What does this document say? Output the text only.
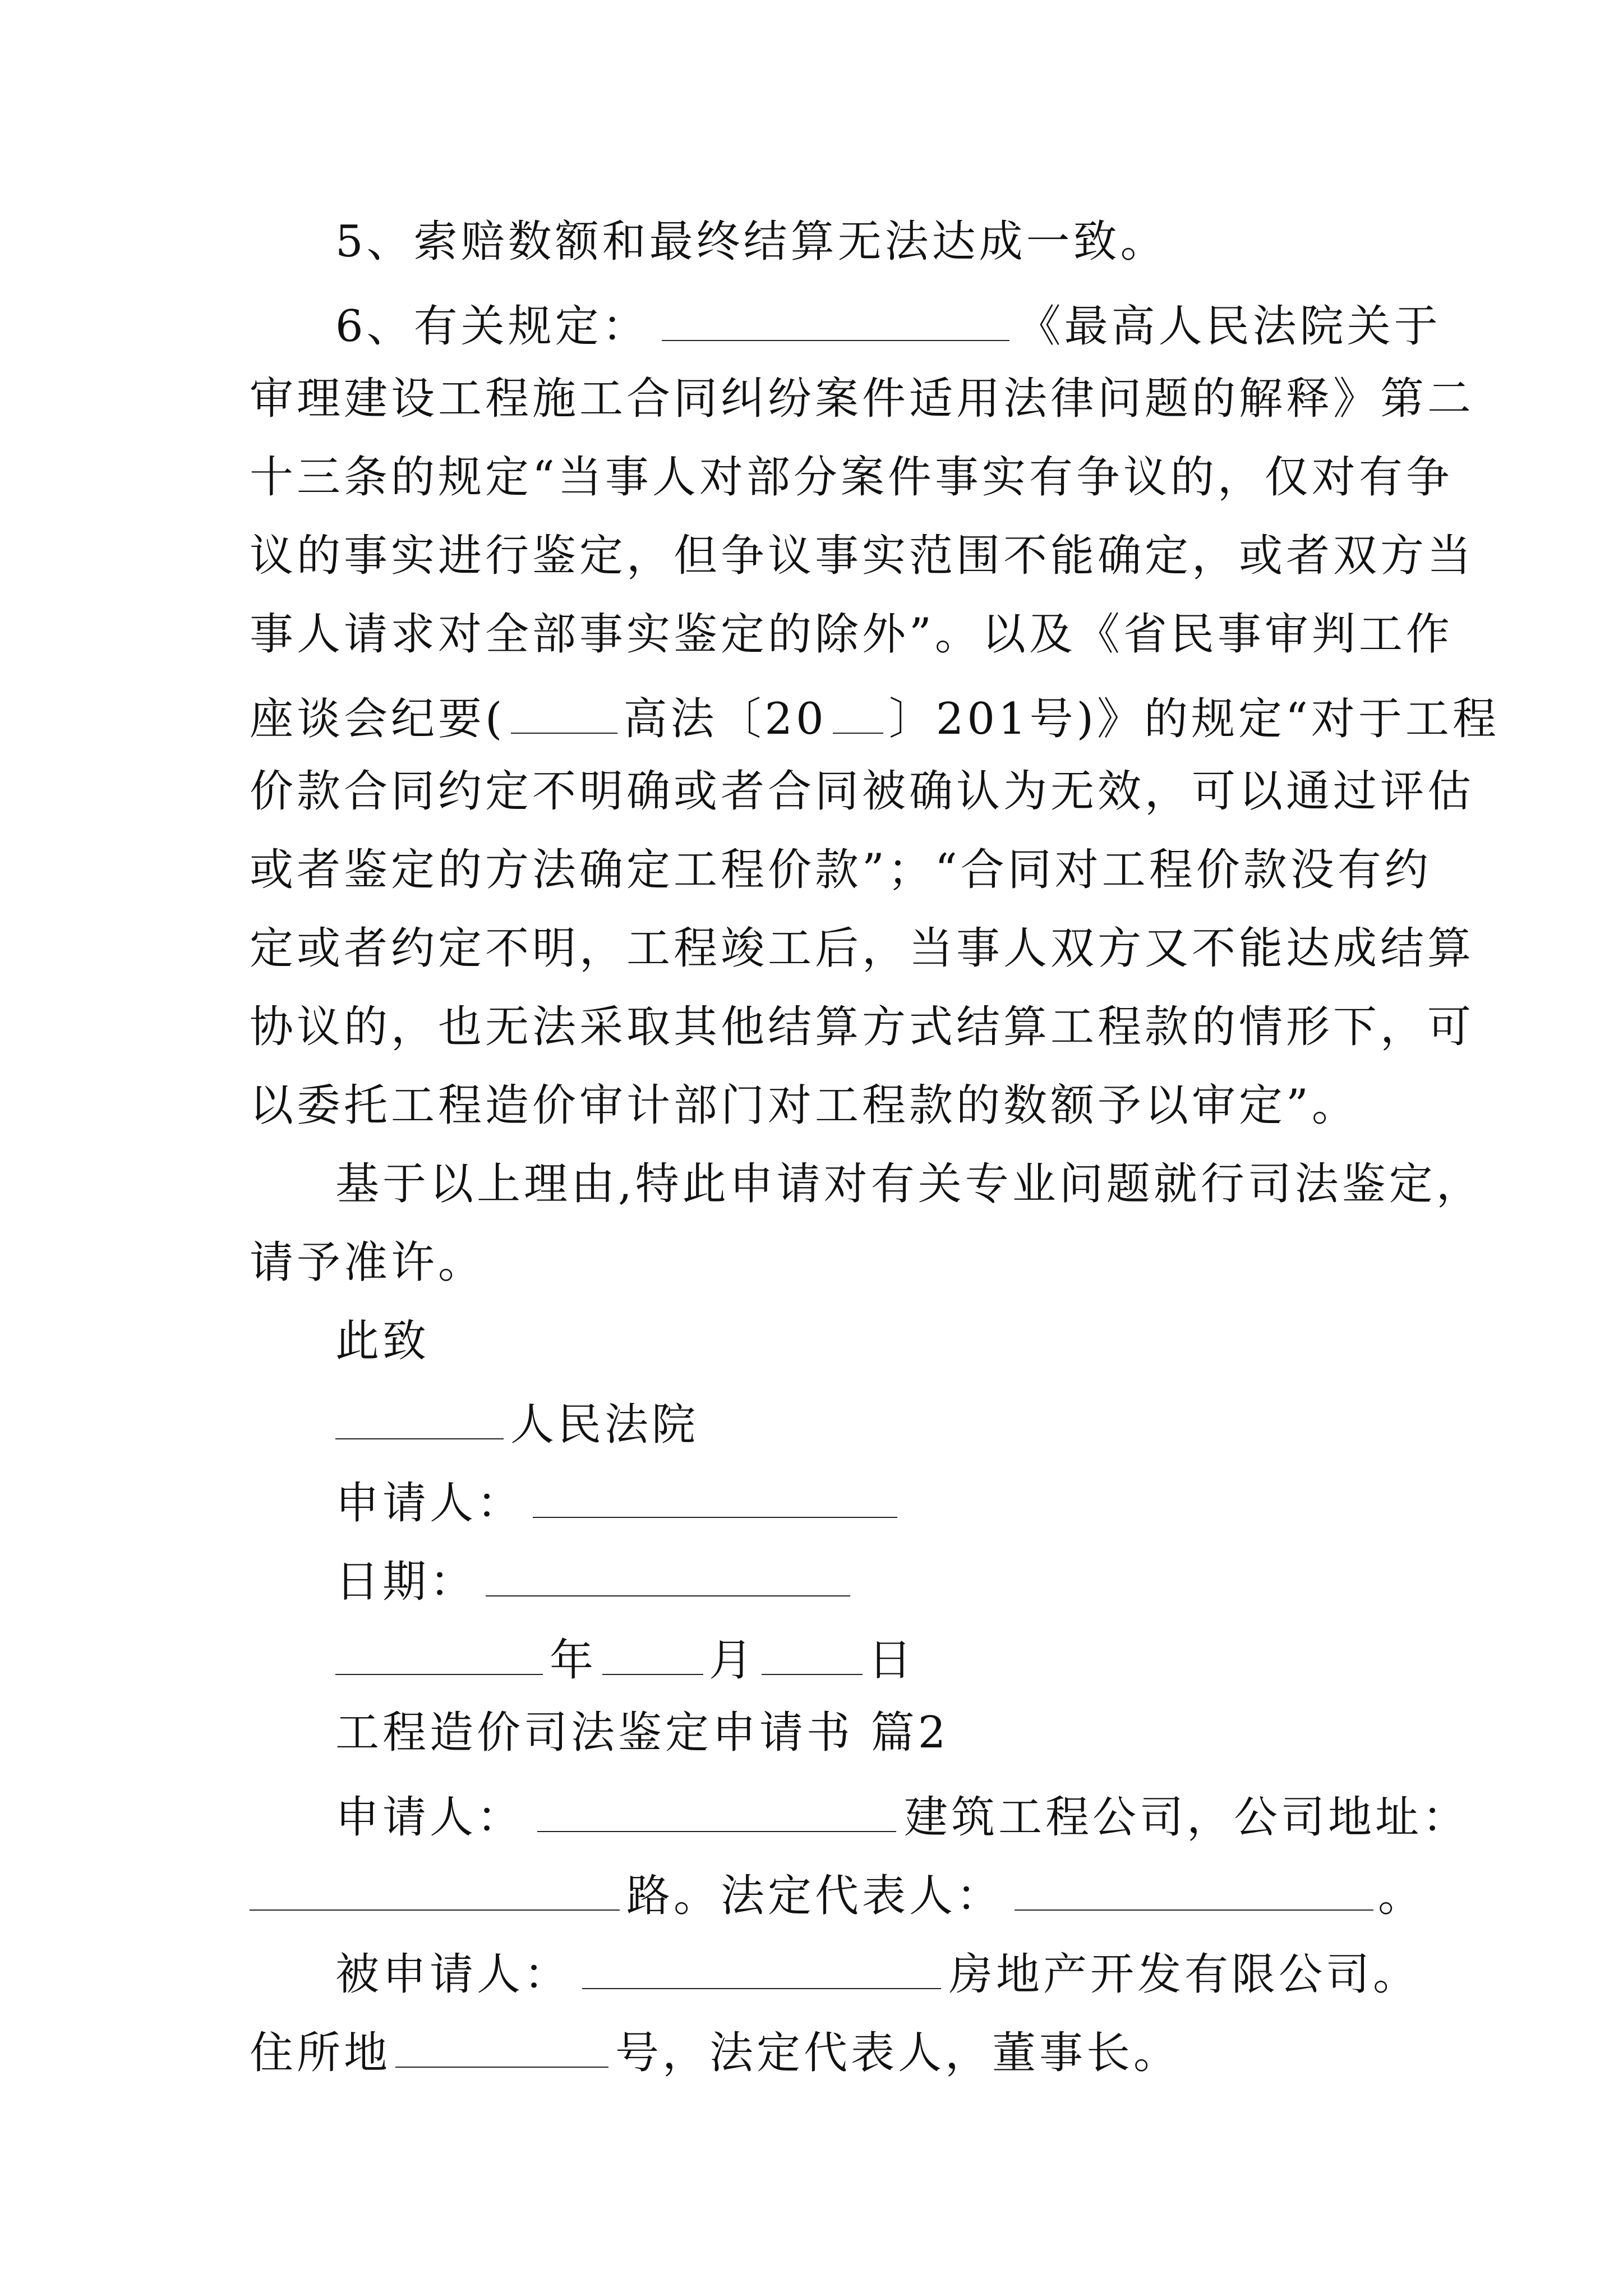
5、索赔数额和最终结算无法达成一致。
6、有关规定：	《最高人民法院关于
审理建设工程施工合同纠纷案件适用法律问题的解释》第二
十三条的规定“当事人对部分案件事实有争议的，仅对有争
议的事实进行鉴定，但争议事实范围不能确定，或者双方当
事人请求对全部事实鉴定的除外”。以及《省民事审判工作
座谈会纪要(	高法〔20 〕201号)》的规定“对于工程
价款合同约定不明确或者合同被确认为无效，可以通过评估
或者鉴定的方法确定工程价款”；“合同对工程价款没有约
定或者约定不明，工程竣工后，当事人双方又不能达成结算
协议的，也无法采取其他结算方式结算工程款的情形下，可
以委托工程造价审计部门对工程款的数额予以审定”。
基于以上理由,特此申请对有关专业问题就行司法鉴定，
请予准许。
此致
人民法院
申请人：
日期：
年	月	日
工程造价司法鉴定申请书 篇2
申请人：	建筑工程公司，公司地址：
路。法定代表人：	。
被申请人：	房地产开发有限公司。
住所地	号，法定代表人，董事长。
